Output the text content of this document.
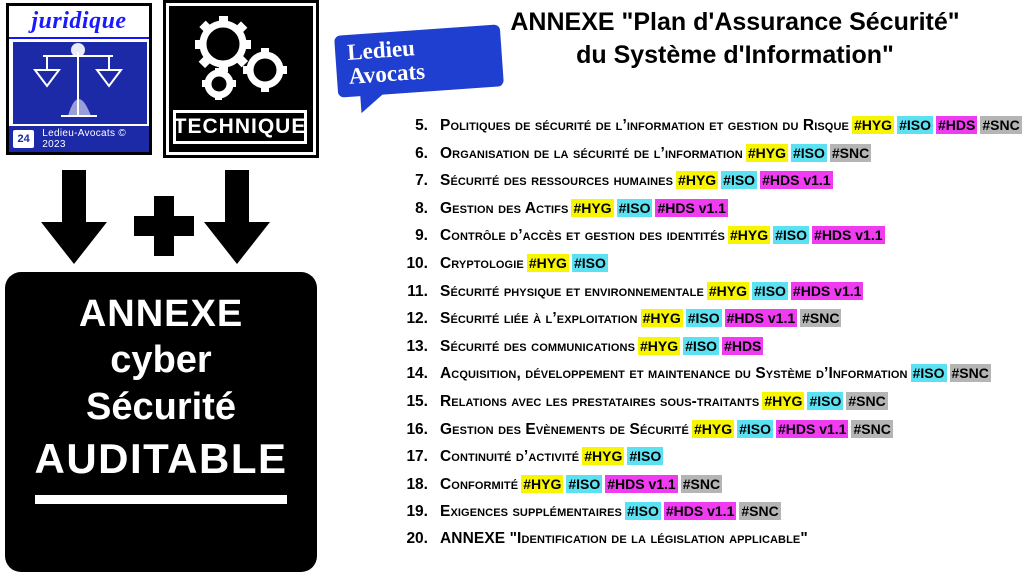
juridique
24	Ledieu-Avocats © 2023
TECHNIQUE
ANNEXE
cyber
Sécurité
AUDITABLE
Ledieu
Avocats
ANNEXE "Plan d'Assurance Sécurité"
du Système d'Information"
5. Politiques de sécurité de l’information et gestion du Risque #HYG #ISO #HDS #SNC
6. Organisation de la sécurité de l’information #HYG #ISO #SNC
7. Sécurité des ressources humaines #HYG #ISO #HDS v1.1
8. Gestion des Actifs #HYG #ISO #HDS v1.1
9. Contrôle d’accès et gestion des identités #HYG #ISO #HDS v1.1
10. Cryptologie #HYG #ISO
11. Sécurité physique et environnementale #HYG #ISO #HDS v1.1
12. Sécurité liée à l’exploitation #HYG #ISO #HDS v1.1 #SNC
13. Sécurité des communications #HYG #ISO #HDS
14. Acquisition, développement et maintenance du Système d’Information #ISO #SNC
15. Relations avec les prestataires sous-traitants #HYG #ISO #SNC
16. Gestion des Evènements de Sécurité #HYG #ISO #HDS v1.1 #SNC
17. Continuité d’activité #HYG #ISO
18. Conformité #HYG #ISO #HDS v1.1 #SNC
19. Exigences supplémentaires #ISO #HDS v1.1 #SNC
20. ANNEXE "Identification de la législation applicable"
